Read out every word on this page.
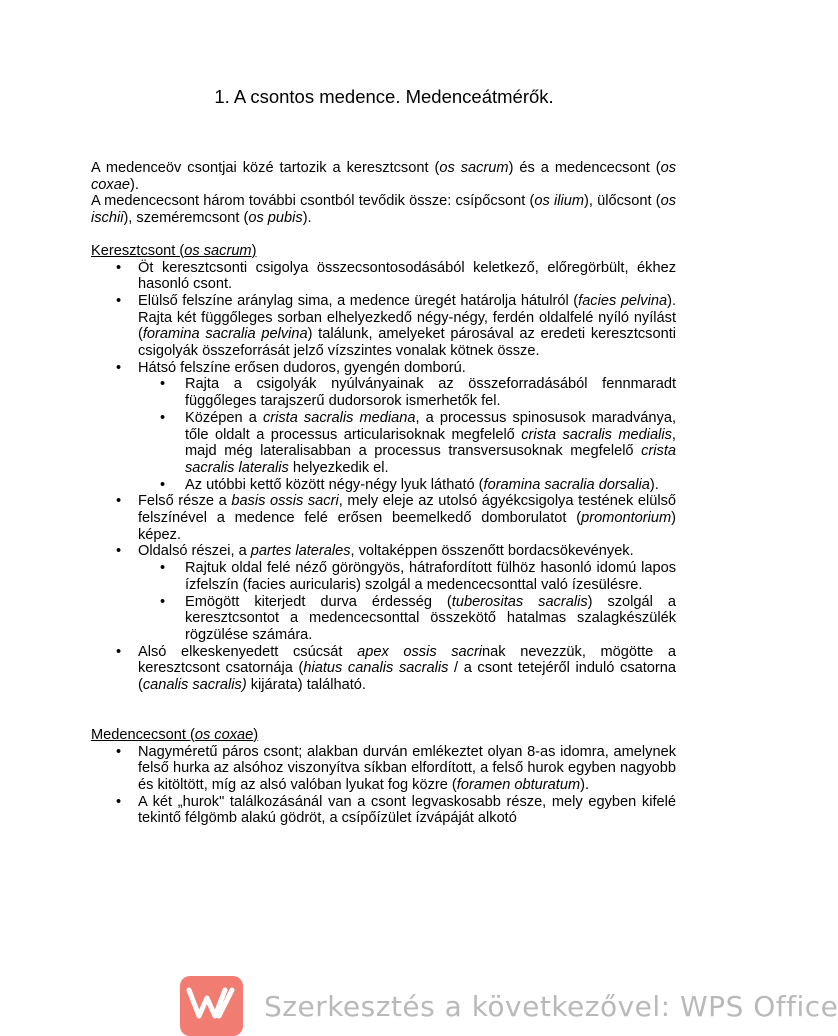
1. A csontos medence. Medenceátmérők.

A medenceöv csontjai közé tartozik a keresztcsont (os sacrum) és a medencecsont (os coxae).

A medencecsont három további csontból tevődik össze: csípőcsont (os ilium), ülőcsont (os ischii), szeméremcsont (os pubis).

Keresztcsont (os sacrum)

• Öt keresztcsonti csigolya összecsontosodásából keletkező, előregörbült, ékhez hasonló csont.
• Elülső felszíne aránylag sima, a medence üregét határolja hátulról (facies pelvina). Rajta két függőleges sorban elhelyezkedő négy-négy, ferdén oldalfelé nyíló nyílást (foramina sacralia pelvina) találunk, amelyeket párosával az eredeti keresztcsonti csigolyák összeforrását jelző vízszintes vonalak kötnek össze.
• Hátsó felszíne erősen dudoros, gyengén domború.
• Rajta a csigolyák nyúlványainak az összeforradásából fennmaradt függőleges tarajszerű dudorsorok ismerhetők fel.
• Középen a crista sacralis mediana, a processus spinosusok maradványa, tőle oldalt a processus articularisoknak megfelelő crista sacralis medialis, majd még lateralisabban a processus transversusoknak megfelelő crista sacralis lateralis helyezkedik el.
• Az utóbbi kettő között négy-négy lyuk látható (foramina sacralia dorsalia).
• Felső része a basis ossis sacri, mely eleje az utolsó ágyékcsigolya testének elülső felszínével a medence felé erősen beemelkedő domborulatot (promontorium) képez.
• Oldalsó részei, a partes laterales, voltaképpen összenőtt bordacsökevények.
• Rajtuk oldal felé néző göröngyös, hátrafordított fülhöz hasonló idomú lapos ízfelszín (facies auricularis) szolgál a medencecsonttal való ízesülésre.
• Emögött kiterjedt durva érdesség (tuberositas sacralis) szolgál a keresztcsontot a medencecsonttal összekötő hatalmas szalagkészülék rögzülése számára.
• Alsó elkeskenyedett csúcsát apex ossis sacrinak nevezzük, mögötte a keresztcsont csatornája (hiatus canalis sacralis / a csont tetejéről induló csatorna (canalis sacralis) kijárata) található.

Medencecsont (os coxae)

• Nagyméretű páros csont; alakban durván emlékeztet olyan 8-as idomra, amelynek felső hurka az alsóhoz viszonyítva síkban elfordított, a felső hurok egyben nagyobb és kitöltött, míg az alsó valóban lyukat fog közre (foramen obturatum).
• A két „hurok" találkozásánál van a csont legvaskosabb része, mely egyben kifelé tekintő félgömb alakú gödröt, a csípőízület ízvápáját alkotó
Szerkesztés a következővel: WPS Office
